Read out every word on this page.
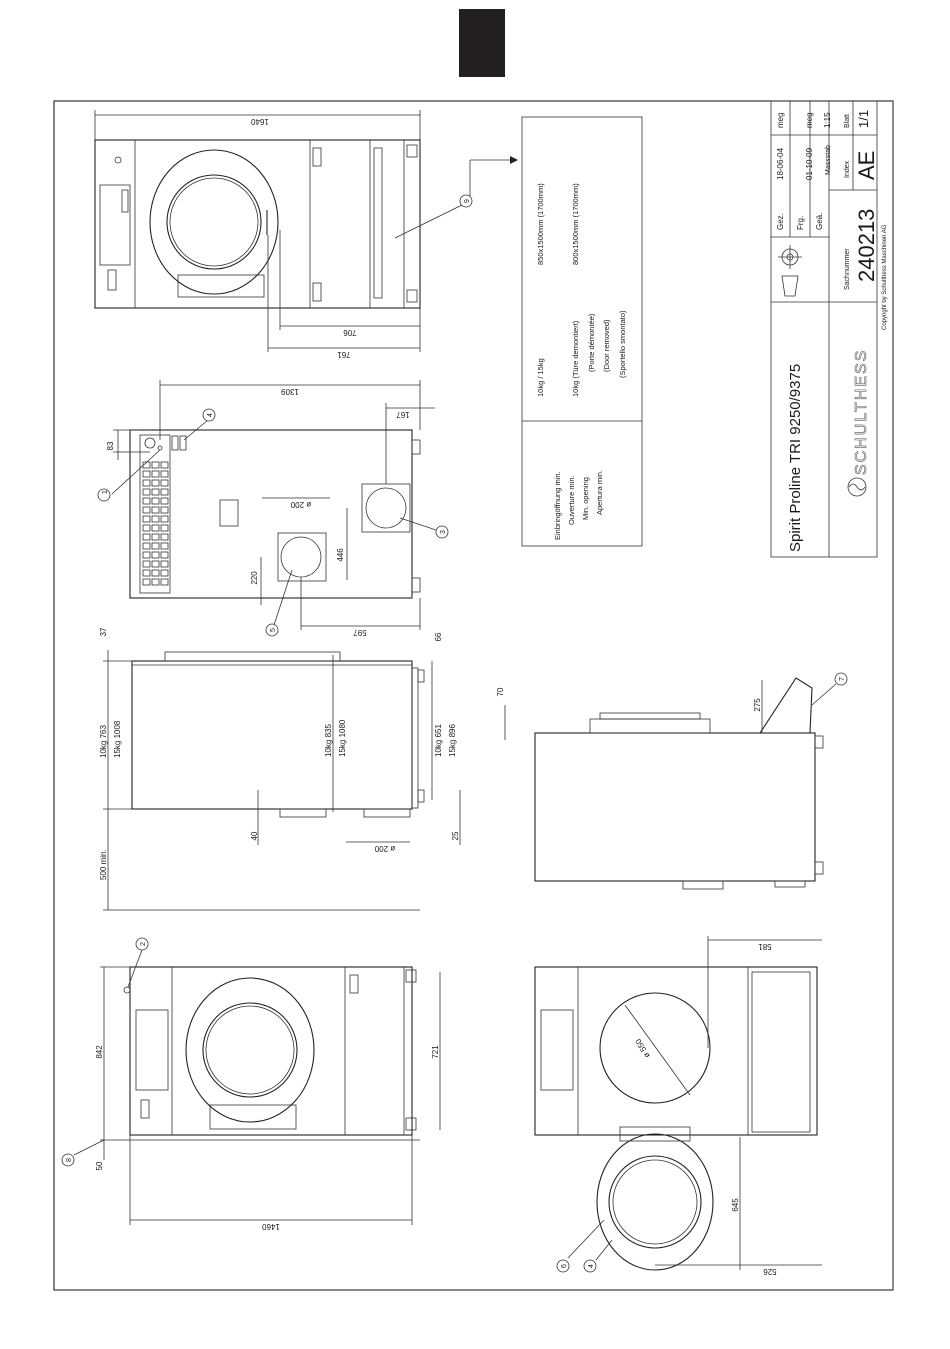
Gez. Frg. Geä.
18-06-04
meg
01-10-09
meg
Massstab
1:15 Blatt 1/1
Index AE
Sachnummer 240213
Spirit Proline TRI 9250/9375	SCHULTHESS
Copyright by Schulthess Maschinen AG
Einbringöffnung min. Ouverture min. Min. opening Apertura min.
10kg / 15kg
850x1500mm (1700mm)
10kg (Türe demontiert) (Porte démontée) (Door removed) (Sportello smontato)
800x1500mm (1700mm)
1640
706
761
83
1309
167
ø 200
446
220
597
37
10kg 763 15kg 1008
500 min.
10kg 835 15kg 1080
66
10kg 651 15kg 896
40
ø 200
25
842
50
721
1460
70
275
ø 550
581
645
526
1
2
3
4
4
5
6
7
8
9
